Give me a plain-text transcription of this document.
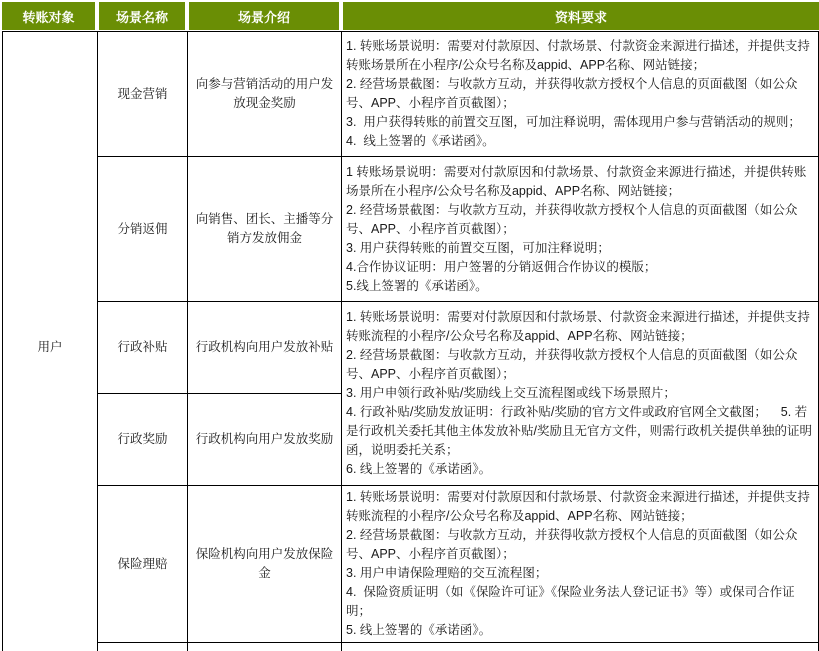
转账对象	场景名称	场景介绍	资料要求
用户	现金营销	向参与营销活动的用户发放现金奖励	1. 转账场景说明：需要对付款原因、付款场景、付款资金来源进行描述，并提供支持转账场景所在小程序/公众号名称及appid、APP名称、网站链接；

2. 经营场景截图：与收款方互动，并获得收款方授权个人信息的页面截图（如公众号、APP、小程序首页截图）；

3.  用户获得转账的前置交互图，可加注释说明，需体现用户参与营销活动的规则；

4.  线上签署的《承诺函》。

	分销返佣	向销售、团长、主播等分销方发放佣金	1 转账场景说明：需要对付款原因和付款场景、付款资金来源进行描述，并提供转账场景所在小程序/公众号名称及appid、APP名称、网站链接；

2. 经营场景截图：与收款方互动，并获得收款方授权个人信息的页面截图（如公众号、APP、小程序首页截图）；

3. 用户获得转账的前置交互图，可加注释说明；

4.合作协议证明：用户签署的分销返佣合作协议的模版；

5.线上签署的《承诺函》。

	行政补贴	行政机构向用户发放补贴	1. 转账场景说明：需要对付款原因和付款场景、付款资金来源进行描述，并提供支持转账流程的小程序/公众号名称及appid、APP名称、网站链接；

2. 经营场景截图：与收款方互动，并获得收款方授权个人信息的页面截图（如公众号、APP、小程序首页截图）；

3. 用户申领行政补贴/奖励线上交互流程图或线下场景照片；

4. 行政补贴/奖励发放证明：行政补贴/奖励的官方文件或政府官网全文截图；    5. 若是行政机关委托其他主体发放补贴/奖励且无官方文件，则需行政机关提供单独的证明函，说明委托关系；

6. 线上签署的《承诺函》。

	行政奖励	行政机构向用户发放奖励	
	保险理赔	保险机构向用户发放保险金	1. 转账场景说明：需要对付款原因和付款场景、付款资金来源进行描述，并提供支持转账流程的小程序/公众号名称及appid、APP名称、网站链接；

2. 经营场景截图：与收款方互动，并获得收款方授权个人信息的页面截图（如公众号、APP、小程序首页截图）；

3. 用户申请保险理赔的交互流程图；

4.  保险资质证明（如《保险许可证》《保险业务法人登记证书》等）或保司合作证明；

5. 线上签署的《承诺函》。
